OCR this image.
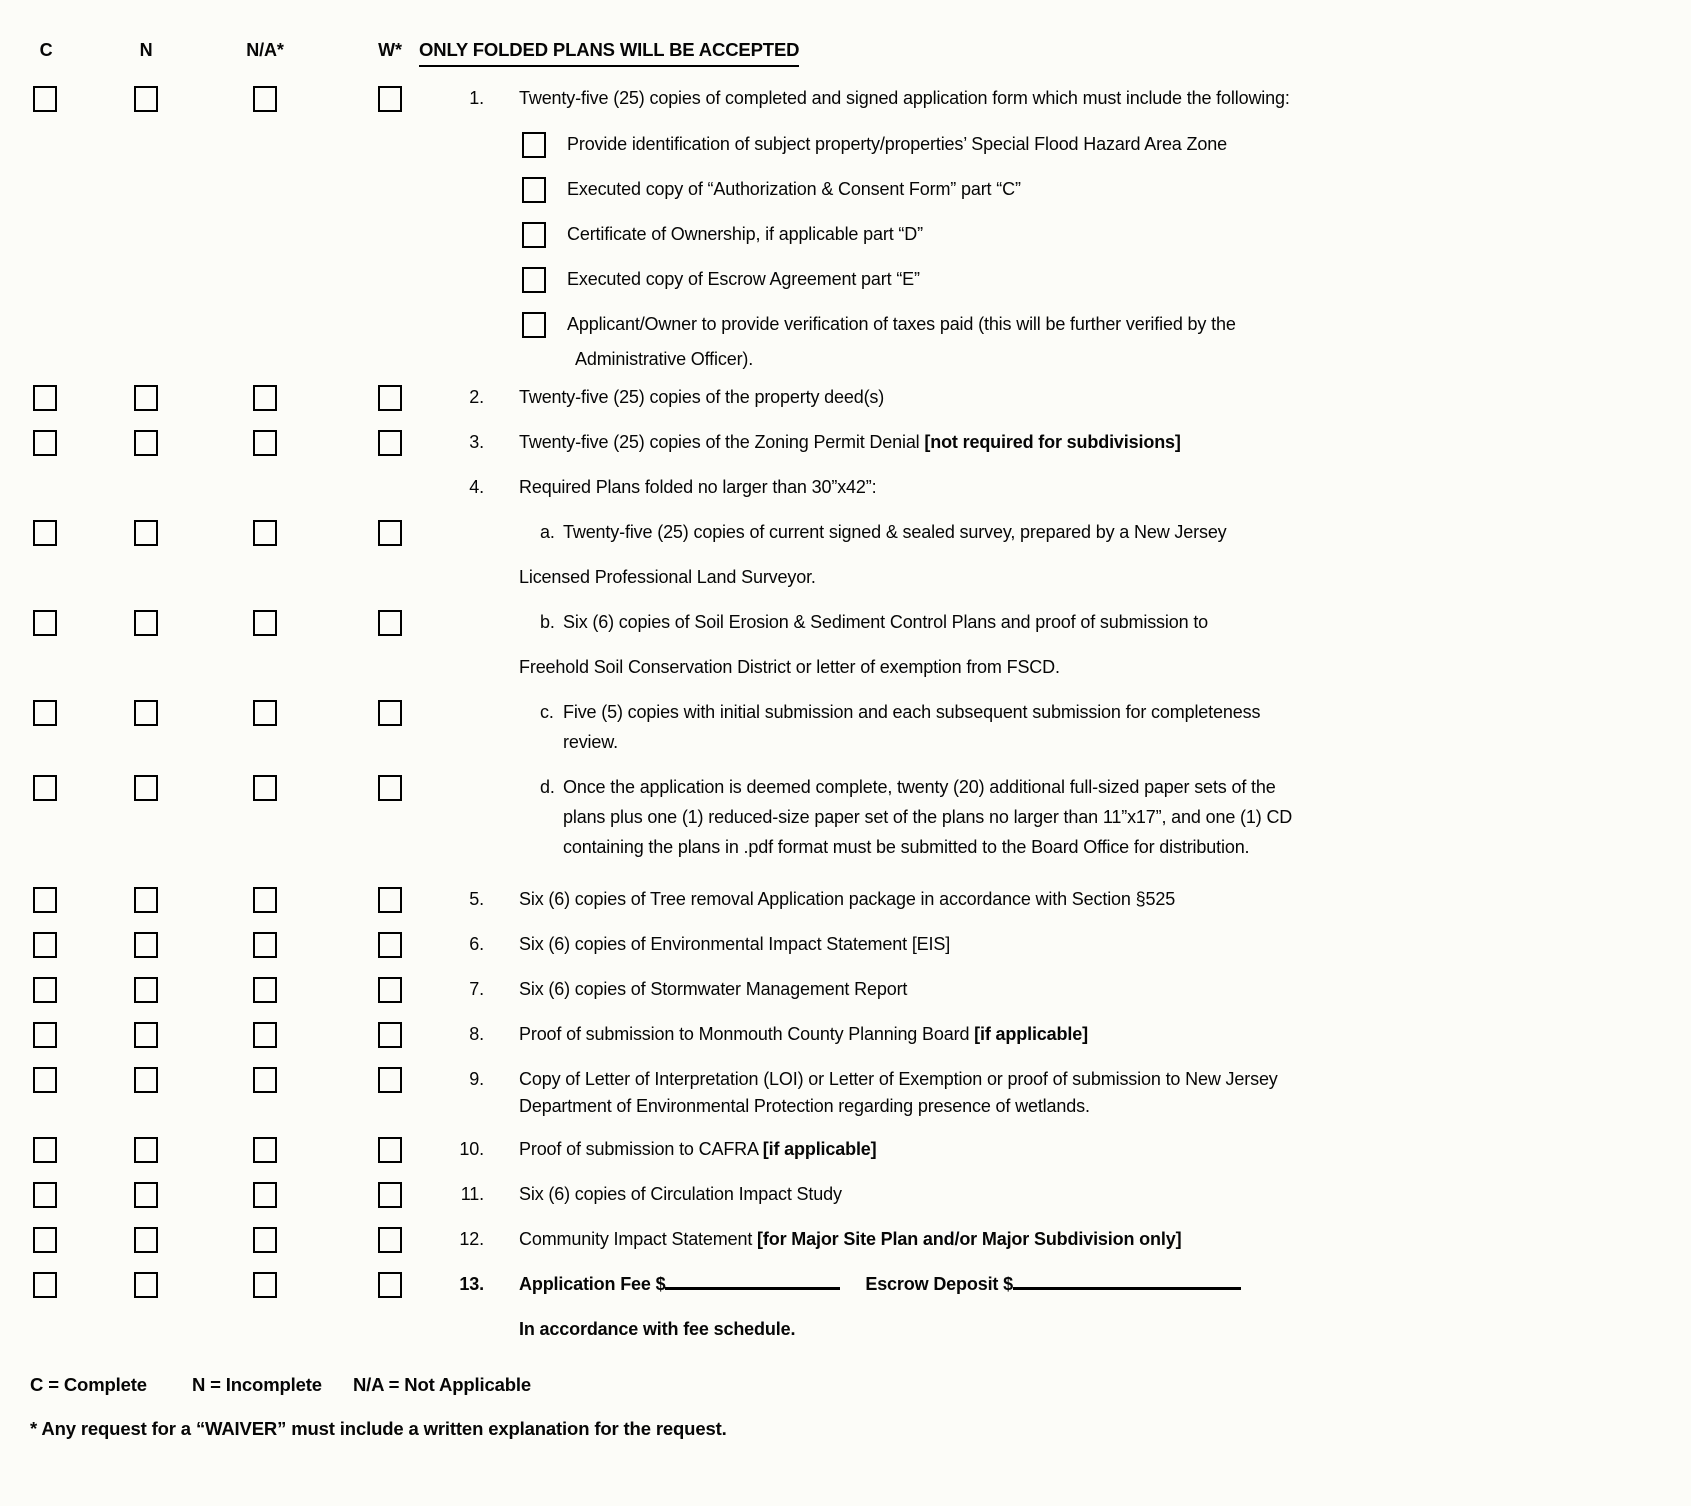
C	N	N/A*	W* ONLY FOLDED PLANS WILL BE ACCEPTED
1. Twenty-five (25) copies of completed and signed application form which must include the following:
Provide identification of subject property/properties’ Special Flood Hazard Area Zone
Executed copy of “Authorization & Consent Form” part “C”
Certificate of Ownership, if applicable part “D”
Executed copy of Escrow Agreement part “E”
Applicant/Owner to provide verification of taxes paid (this will be further verified by the
Administrative Officer).
2. Twenty-five (25) copies of the property deed(s)
3. Twenty-five (25) copies of the Zoning Permit Denial [not required for subdivisions]
4. Required Plans folded no larger than 30”x42”:
a. Twenty-five (25) copies of current signed & sealed survey, prepared by a New Jersey
Licensed Professional Land Surveyor.
b. Six (6) copies of Soil Erosion & Sediment Control Plans and proof of submission to
Freehold Soil Conservation District or letter of exemption from FSCD.
c. Five (5) copies with initial submission and each subsequent submission for completeness
review.
d. Once the application is deemed complete, twenty (20) additional full-sized paper sets of the
plans plus one (1) reduced-size paper set of the plans no larger than 11”x17”, and one (1) CD
containing the plans in .pdf format must be submitted to the Board Office for distribution.
5. Six (6) copies of Tree removal Application package in accordance with Section §525
6. Six (6) copies of Environmental Impact Statement [EIS]
7. Six (6) copies of Stormwater Management Report
8. Proof of submission to Monmouth County Planning Board [if applicable]
9. Copy of Letter of Interpretation (LOI) or Letter of Exemption or proof of submission to New Jersey
Department of Environmental Protection regarding presence of wetlands.
10. Proof of submission to CAFRA [if applicable]
11. Six (6) copies of Circulation Impact Study
12. Community Impact Statement [for Major Site Plan and/or Major Subdivision only]
13. Application Fee $	Escrow Deposit $
In accordance with fee schedule.
C = Complete N = Incomplete N/A = Not Applicable
* Any request for a “WAIVER” must include a written explanation for the request.
